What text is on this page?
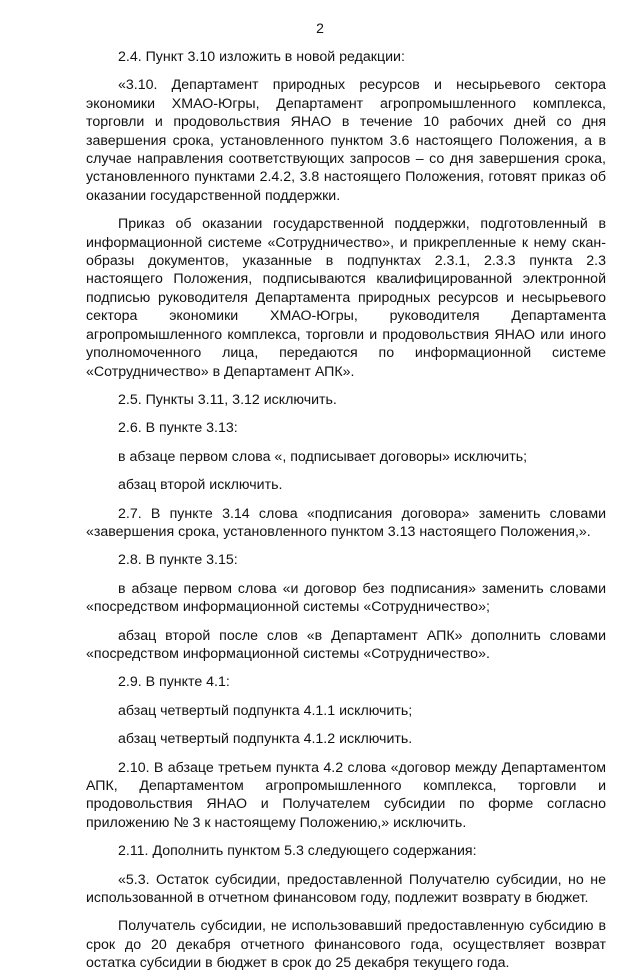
2

2.4. Пункт 3.10 изложить в новой редакции:

«3.10. Департамент природных ресурсов и несырьевого сектора экономики ХМАО-Югры, Департамент агропромышленного комплекса, торговли и продовольствия ЯНАО в течение 10 рабочих дней со дня завершения срока, установленного пунктом 3.6 настоящего Положения, а в случае направления соответствующих запросов – со дня завершения срока, установленного пунктами 2.4.2, 3.8 настоящего Положения, готовят приказ об оказании государственной поддержки.

Приказ об оказании государственной поддержки, подготовленный в информационной системе «Сотрудничество», и прикрепленные к нему скан-образы документов, указанные в подпунктах 2.3.1, 2.3.3 пункта 2.3 настоящего Положения, подписываются квалифицированной электронной подписью руководителя Департамента природных ресурсов и несырьевого сектора экономики ХМАО-Югры, руководителя Департамента агропромышленного комплекса, торговли и продовольствия ЯНАО или иного уполномоченного лица, передаются по информационной системе «Сотрудничество» в Департамент АПК».

2.5. Пункты 3.11, 3.12 исключить.

2.6. В пункте 3.13:

в абзаце первом слова «, подписывает договоры» исключить;

абзац второй исключить.

2.7. В пункте 3.14 слова «подписания договора» заменить словами «завершения срока, установленного пунктом 3.13 настоящего Положения,».

2.8. В пункте 3.15:

в абзаце первом слова «и договор без подписания» заменить словами «посредством информационной системы «Сотрудничество»;

абзац второй после слов «в Департамент АПК» дополнить словами «посредством информационной системы «Сотрудничество».

2.9. В пункте 4.1:

абзац четвертый подпункта 4.1.1 исключить;

абзац четвертый подпункта 4.1.2 исключить.

2.10. В абзаце третьем пункта 4.2 слова «договор между Департаментом АПК, Департаментом агропромышленного комплекса, торговли и продовольствия ЯНАО и Получателем субсидии по форме согласно приложению № 3 к настоящему Положению,» исключить.

2.11. Дополнить пунктом 5.3 следующего содержания:

«5.3. Остаток субсидии, предоставленной Получателю субсидии, но не использованной в отчетном финансовом году, подлежит возврату в бюджет.

Получатель субсидии, не использовавший предоставленную субсидию в срок до 20 декабря отчетного финансового года, осуществляет возврат остатка субсидии в бюджет в срок до 25 декабря текущего года.
